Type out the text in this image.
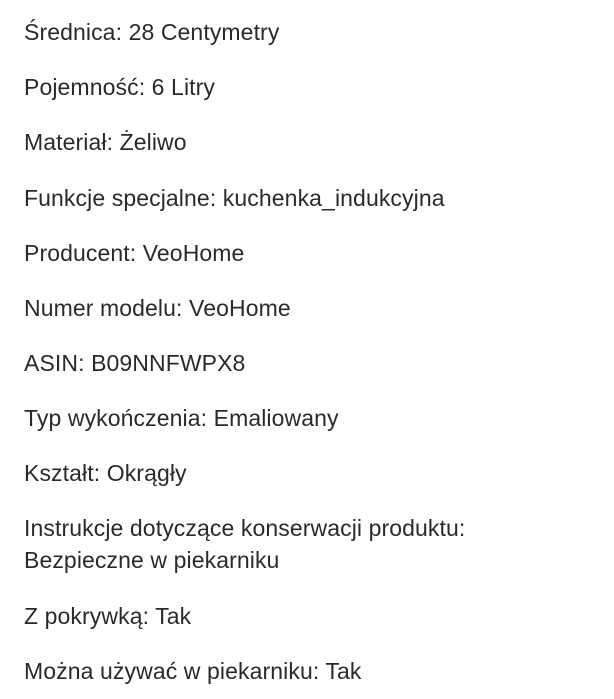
Średnica: 28 Centymetry
Pojemność: 6 Litry
Materiał: Żeliwo
Funkcje specjalne: kuchenka_indukcyjna
Producent: VeoHome
Numer modelu: VeoHome
ASIN: B09NNFWPX8
Typ wykończenia: Emaliowany
Kształt: Okrągły
Instrukcje dotyczące konserwacji produktu:
Bezpieczne w piekarniku
Z pokrywką: Tak
Można używać w piekarniku: Tak
